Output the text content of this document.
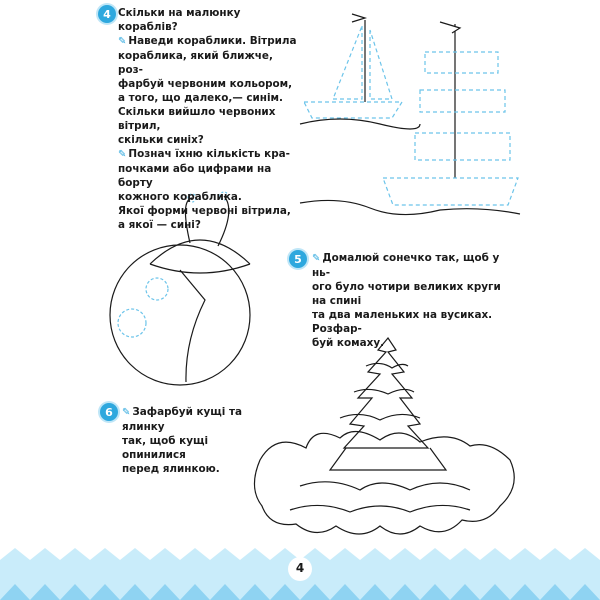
4 Скільки на малюнку кораблів?

✎ Наведи кораблики. Вітрила

кораблика, який ближче, роз-

фарбуй червоним кольором,

а того, що далеко,— синім.

Скільки вийшло червоних вітрил,

скільки синіх?

✎ Познач їхню кількість кра-

почками або цифрами на борту

кожного кораблика.

Якої форми червоні вітрила,

а якої — сині?

5	✎ Домалюй сонечко так, щоб у нь-

ого було чотири великих круги на спині

та два маленьких на вусиках. Розфар-

буй комаху.

6 ✎ Зафарбуй кущі та ялинку

так, щоб кущі опинилися

перед ялинкою.

4
